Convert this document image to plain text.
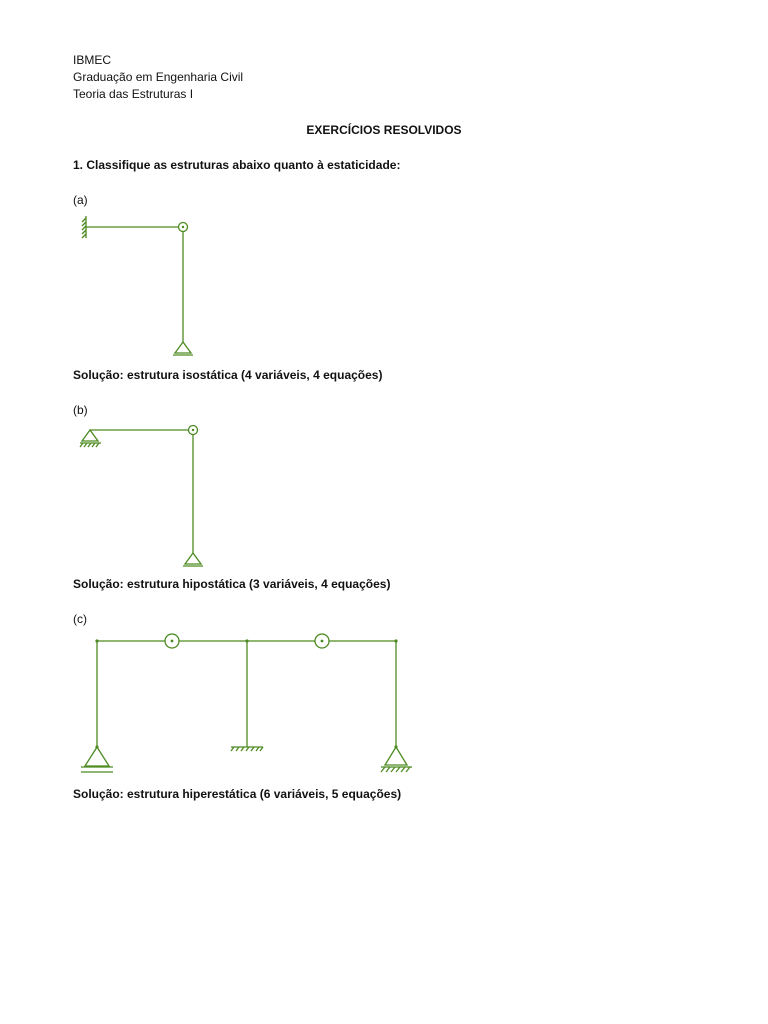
IBMEC
Graduação em Engenharia Civil
Teoria das Estruturas I
EXERCÍCIOS RESOLVIDOS
1. Classifique as estruturas abaixo quanto à estaticidade:
(a)
Solução: estrutura isostática (4 variáveis, 4 equações)
(b)
Solução: estrutura hipostática (3 variáveis, 4 equações)
(c)
Solução: estrutura hiperestática (6 variáveis, 5 equações)
